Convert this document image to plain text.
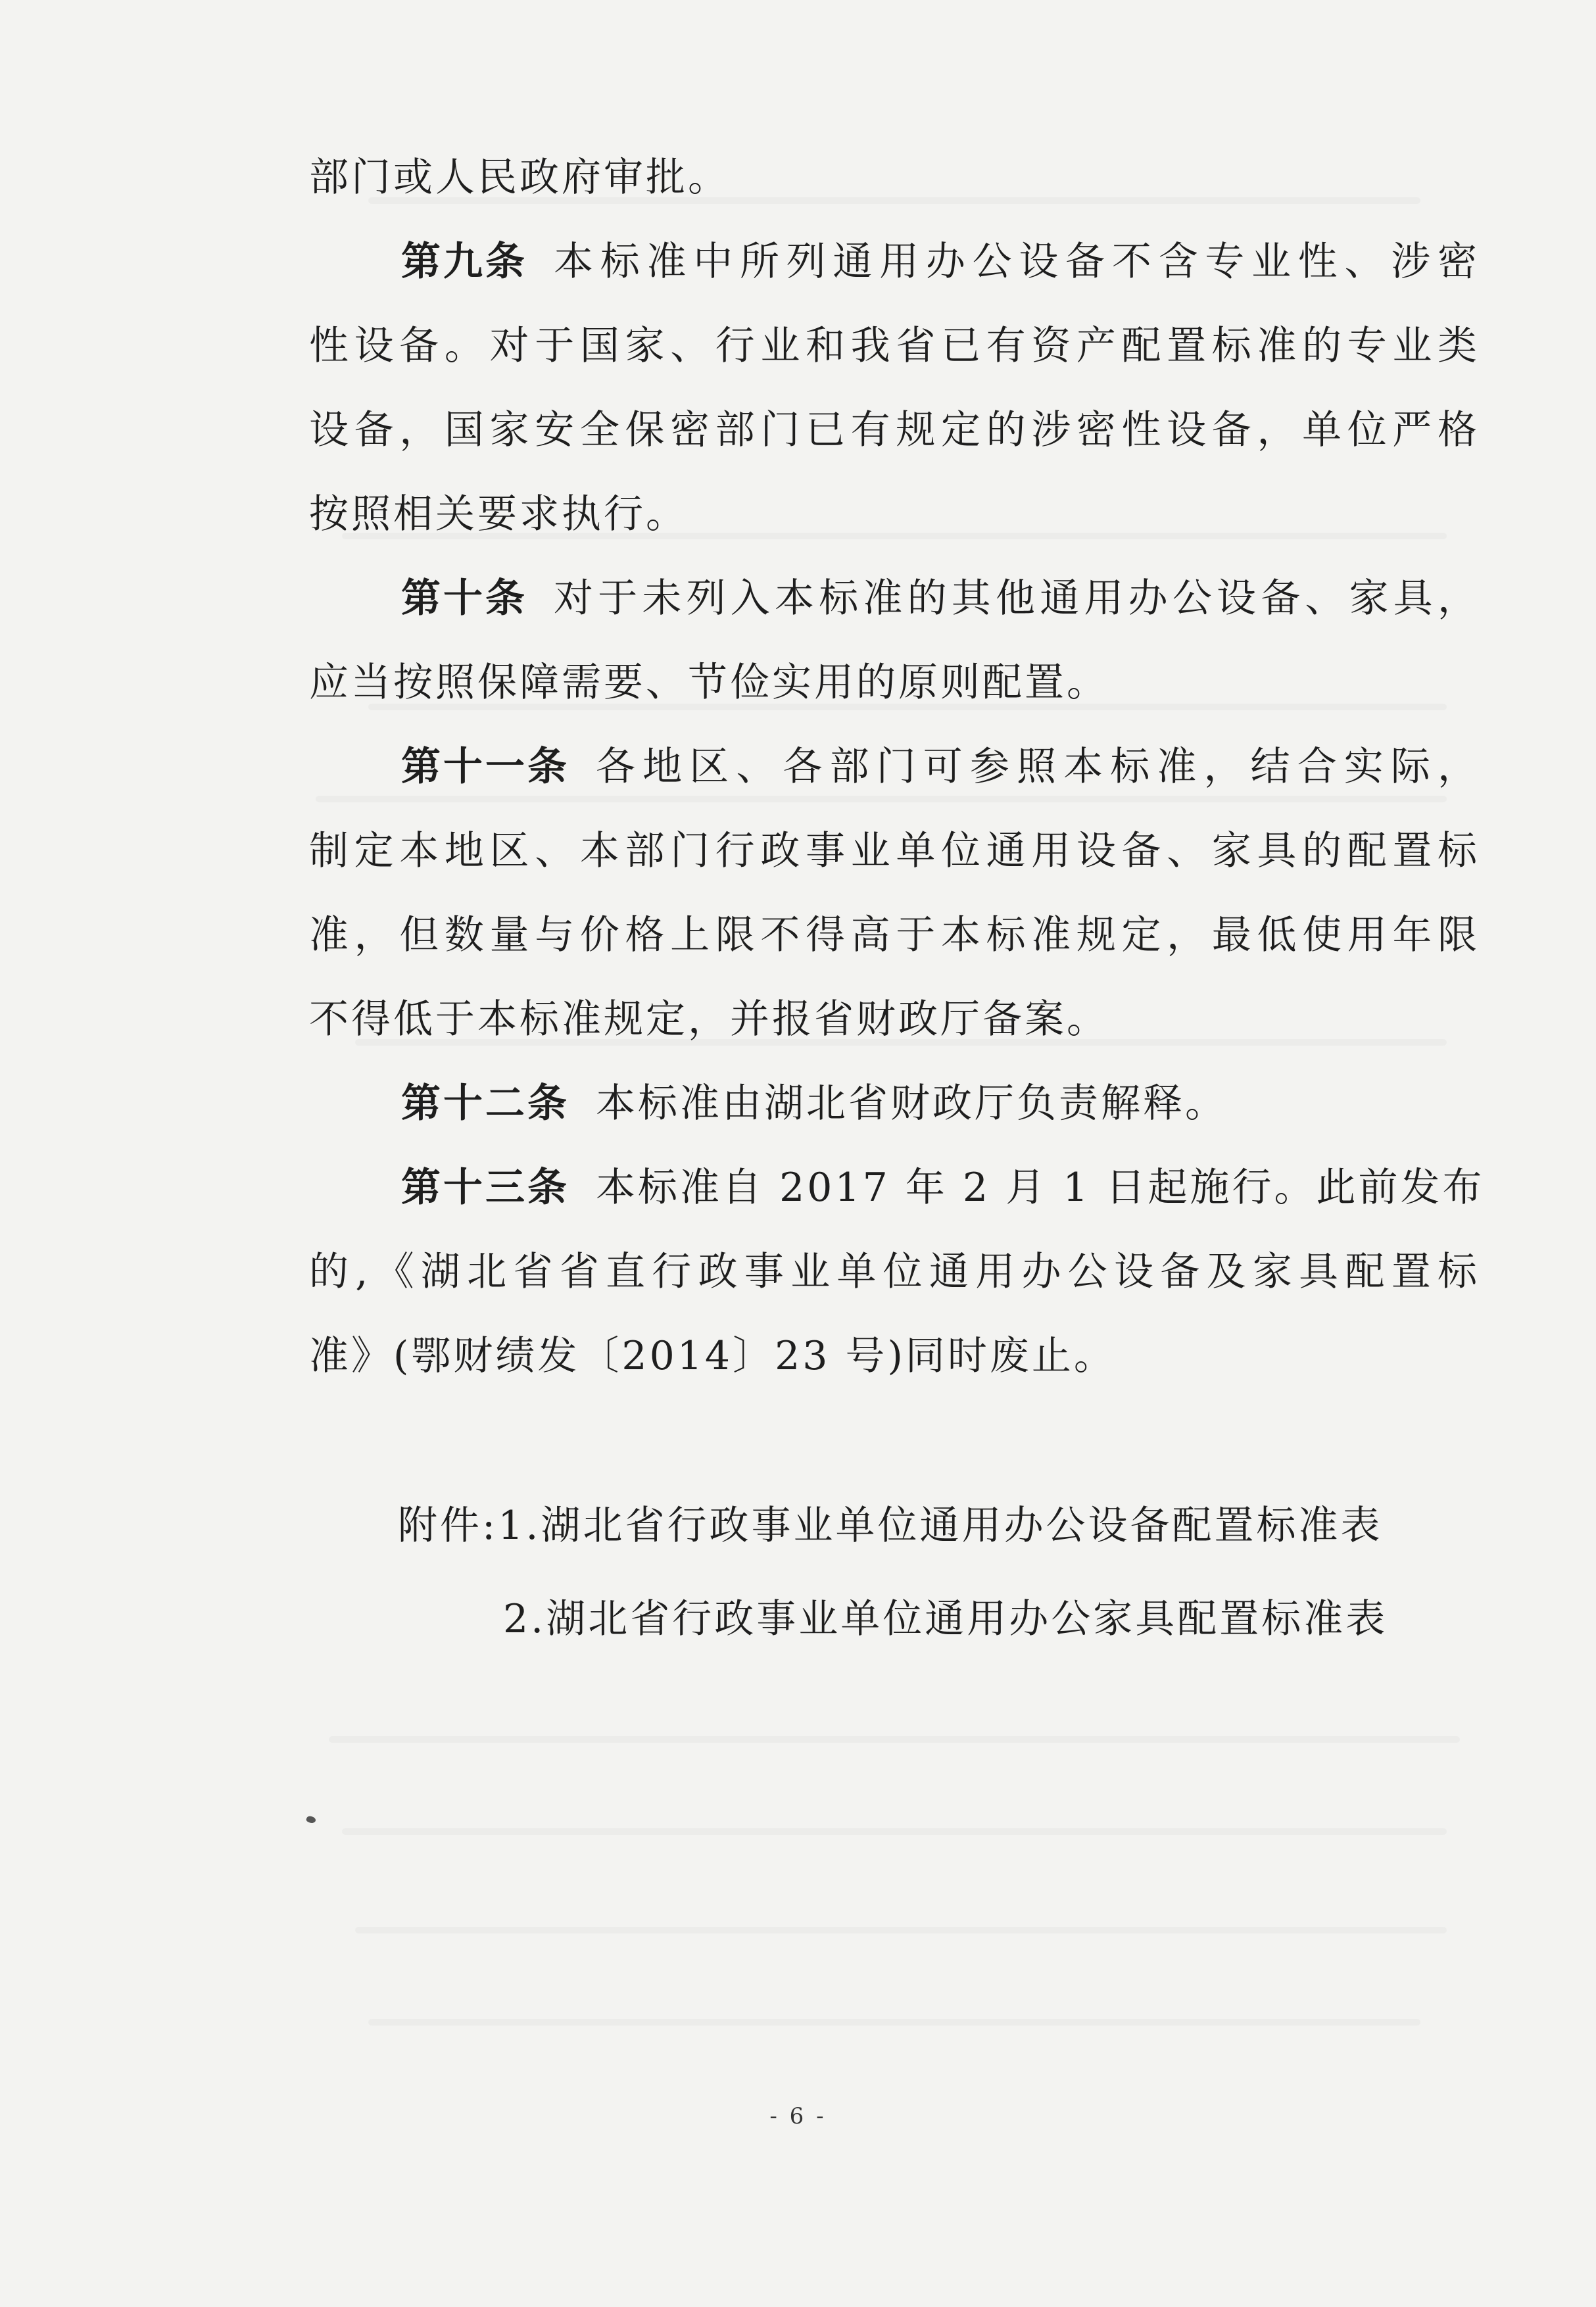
部门或人民政府审批。
第九条 本标准中所列通用办公设备不含专业性、涉密
性设备。对于国家、行业和我省已有资产配置标准的专业类
设备，国家安全保密部门已有规定的涉密性设备，单位严格
按照相关要求执行。
第十条 对于未列入本标准的其他通用办公设备、家具，
应当按照保障需要、节俭实用的原则配置。
第十一条 各地区、各部门可参照本标准，结合实际，
制定本地区、本部门行政事业单位通用设备、家具的配置标
准，但数量与价格上限不得高于本标准规定，最低使用年限
不得低于本标准规定，并报省财政厅备案。
第十二条 本标准由湖北省财政厅负责解释。
第十三条 本标准自 2017 年 2 月 1 日起施行。此前发布
的,《湖北省省直行政事业单位通用办公设备及家具配置标
准》(鄂财绩发〔2014〕23 号)同时废止。
附件:1.湖北省行政事业单位通用办公设备配置标准表
2.湖北省行政事业单位通用办公家具配置标准表
- 6 -
